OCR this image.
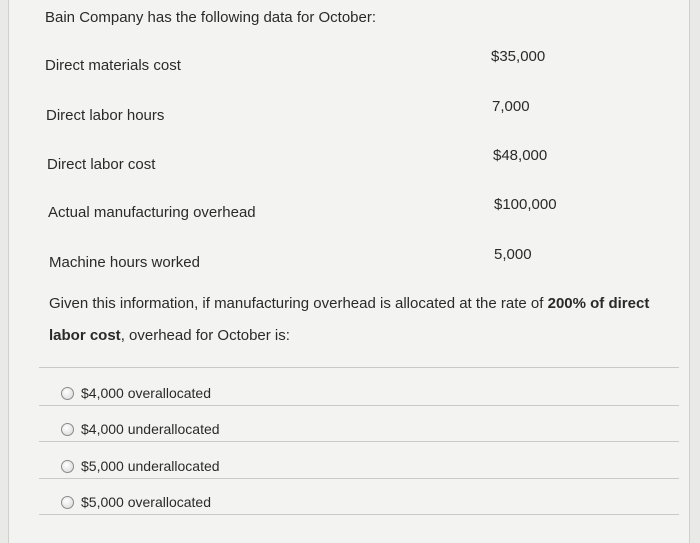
Bain Company has the following data for October:

Direct materials cost
$35,000
Direct labor hours
7,000
Direct labor cost
$48,000
Actual manufacturing overhead	$100,000
Machine hours worked	5,000

Given this information, if manufacturing overhead is allocated at the rate of 200% of direct labor cost, overhead for October is:

$4,000 overallocated
$4,000 underallocated
$5,000 underallocated
$5,000 overallocated
